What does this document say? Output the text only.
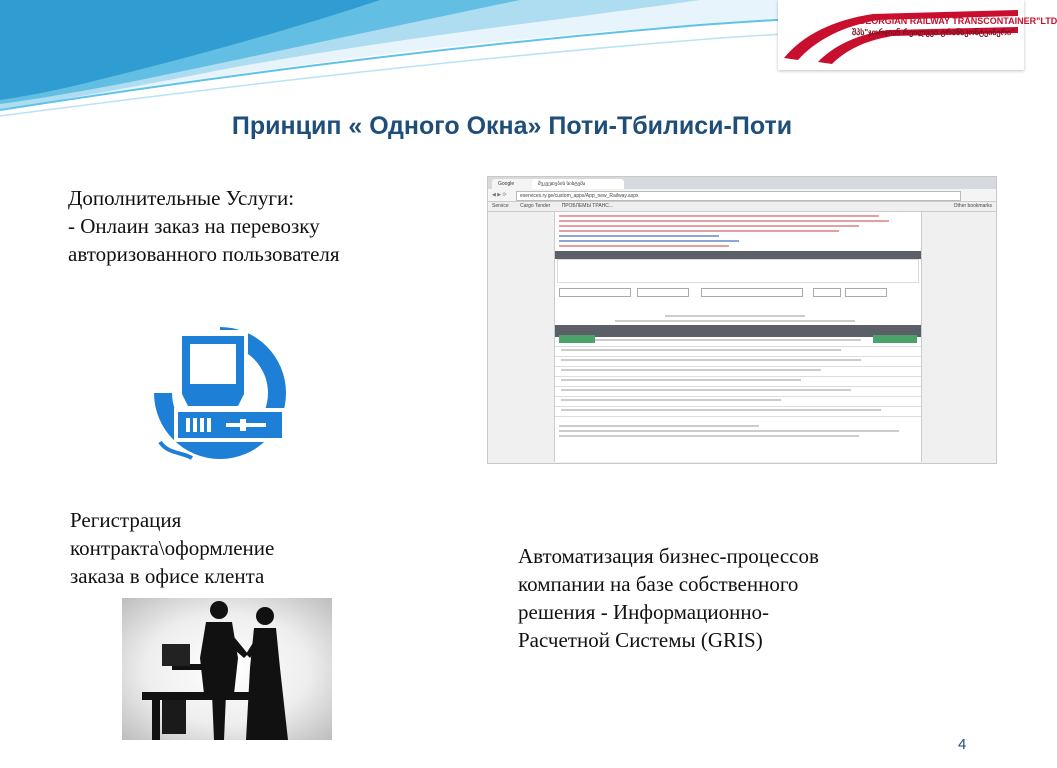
"GEORGIAN RAILWAY TRANSCONTAINER"LTD
შპს"ჯორჯიან რეილვეი ტრანსკონტეინერი"
Принцип « Одного Окна» Поти-Тбилиси-Поти
Дополнительные Услуги:
- Онлаин заказ на перевозку
авторизованного пользователя
Google	შეკვეთების სისტემა
◀ ▶ ⟳	eservices.ry.ge/custom_apps/App_new_Railway.aspx
Service Cargo Tender ПРОБЛЕМЫ ТРАНС...	Other bookmarks
Регистрация
контракта\оформление
заказа в офисе клента
Автоматизация бизнес-процессов
компании на базе собственного
решения - Информационно-
Расчетной Системы (GRIS)
4
